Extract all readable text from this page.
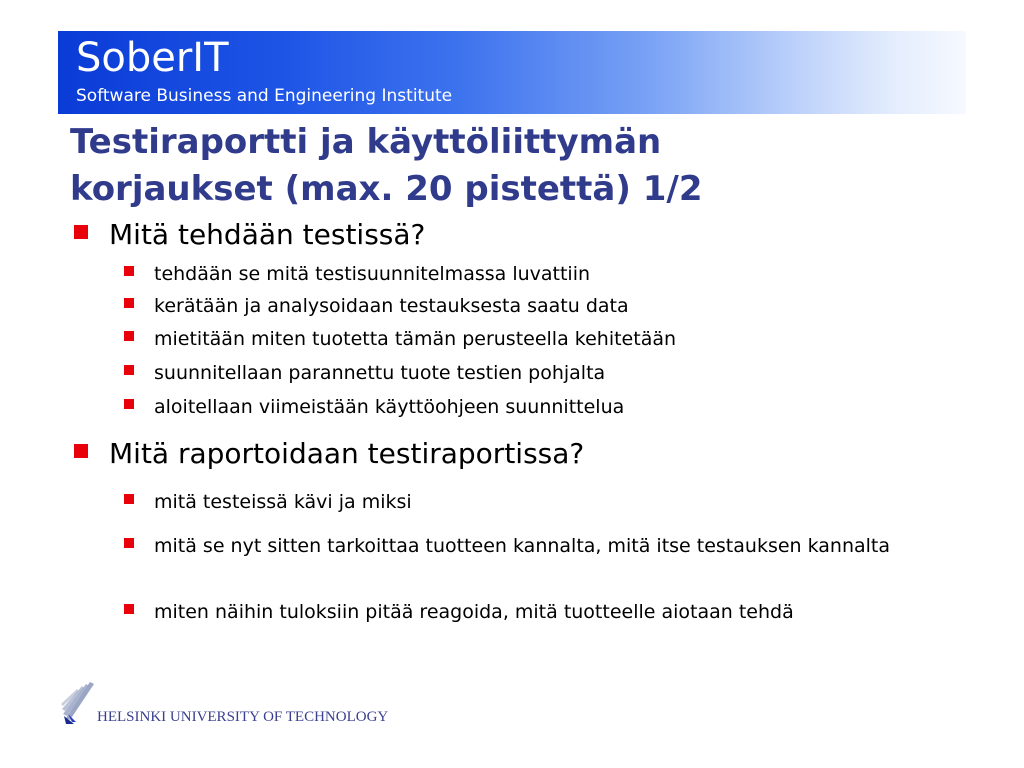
SoberIT
Software Business and Engineering Institute
Testiraportti ja käyttöliittymän
korjaukset (max. 20 pistettä) 1/2
Mitä tehdään testissä?
tehdään se mitä testisuunnitelmassa luvattiin
kerätään ja analysoidaan testauksesta saatu data
mietitään miten tuotetta tämän perusteella kehitetään
suunnitellaan parannettu tuote testien pohjalta
aloitellaan viimeistään käyttöohjeen suunnittelua
Mitä raportoidaan testiraportissa?
mitä testeissä kävi ja miksi
mitä se nyt sitten tarkoittaa tuotteen kannalta, mitä itse testauksen kannalta
miten näihin tuloksiin pitää reagoida, mitä tuotteelle aiotaan tehdä
HELSINKI UNIVERSITY OF TECHNOLOGY
